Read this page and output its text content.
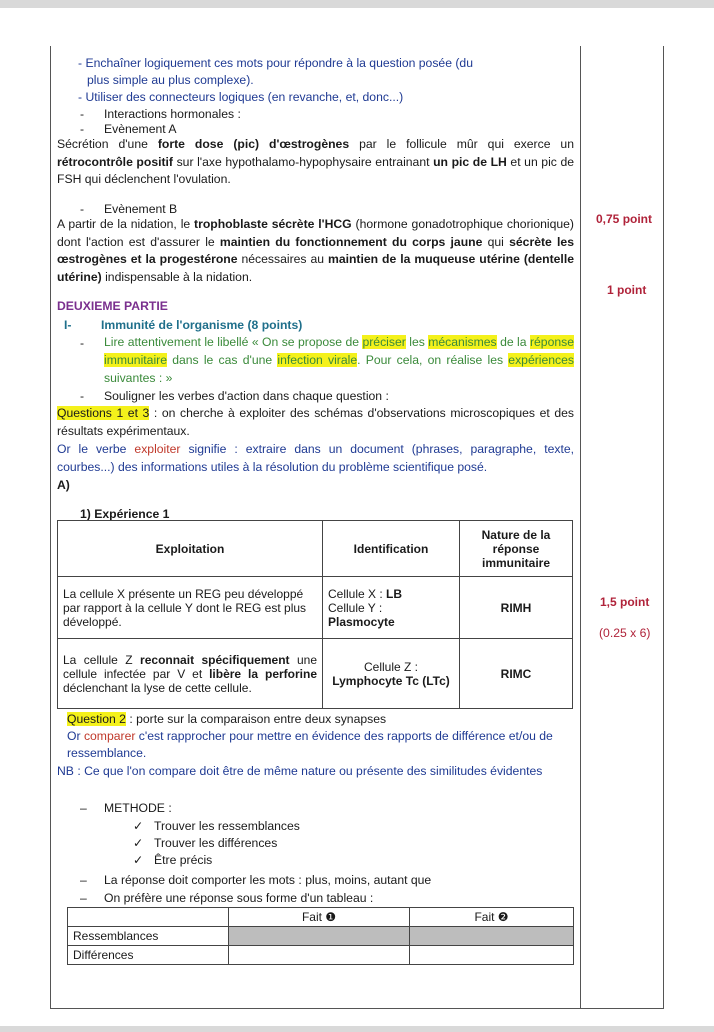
- Enchaîner logiquement ces mots pour répondre à la question posée (du
plus simple au plus complexe).
- Utiliser des connecteurs logiques (en revanche, et, donc...)
- Interactions hormonales :
- Evènement A
Sécrétion d'une forte dose (pic) d'œstrogènes par le follicule mûr qui exerce un rétrocontrôle positif sur l'axe hypothalamo-hypophysaire entrainant un pic de LH et un pic de FSH qui déclenchent l'ovulation.
- Evènement B
A partir de la nidation, le trophoblaste sécrète l'HCG (hormone gonadotrophique chorionique) dont l'action est d'assurer le maintien du fonctionnement du corps jaune qui sécrète les œstrogènes et la progestérone nécessaires au maintien de la muqueuse utérine (dentelle utérine) indispensable à la nidation.
0,75 point
1 point
DEUXIEME PARTIE
I- Immunité de l'organisme (8 points)
- Lire attentivement le libellé « On se propose de préciser les mécanismes de la réponse immunitaire dans le cas d'une infection virale. Pour cela, on réalise les expériences suivantes : »
- Souligner les verbes d'action dans chaque question :
Questions 1 et 3 : on cherche à exploiter des schémas d'observations microscopiques et des résultats expérimentaux.
Or le verbe exploiter signifie : extraire dans un document (phrases, paragraphe, texte, courbes...) des informations utiles à la résolution du problème scientifique posé.
A)
1) Expérience 1
Exploitation	Identification	Nature de la réponse immunitaire
La cellule X présente un REG peu développé par rapport à la cellule Y dont le REG est plus développé.	Cellule X : LB
Cellule Y :
Plasmocyte	RIMH
La cellule Z reconnait spécifiquement une cellule infectée par V et libère la perforine déclenchant la lyse de cette cellule.	Cellule Z :
Lymphocyte Tc (LTc)	RIMC
1,5 point
(0.25 x 6)
Question 2 : porte sur la comparaison entre deux synapses
Or comparer c'est rapprocher pour mettre en évidence des rapports de différence et/ou de ressemblance.
NB : Ce que l'on compare doit être de même nature ou présente des similitudes évidentes
– METHODE :
✓ Trouver les ressemblances
✓ Trouver les différences
✓ Être précis
– La réponse doit comporter les mots : plus, moins, autant que
– On préfère une réponse sous forme d'un tableau :
	Fait ❶	Fait ❷
Ressemblances		
Différences		
